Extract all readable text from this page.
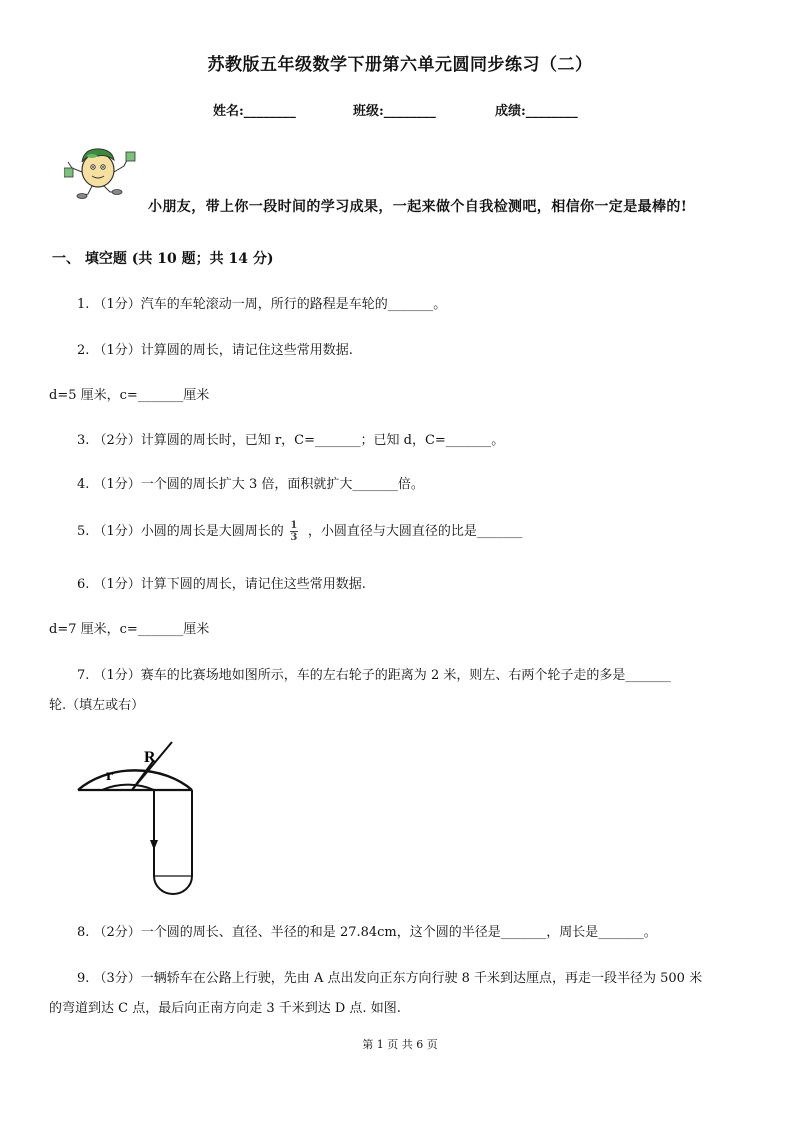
苏教版五年级数学下册第六单元圆同步练习（二）
姓名:________	班级:________	成绩:________
小朋友，带上你一段时间的学习成果，一起来做个自我检测吧，相信你一定是最棒的!
一、 填空题 (共 10 题；共 14 分)
1. （1分）汽车的车轮滚动一周，所行的路程是车轮的_______。
2. （1分）计算圆的周长，请记住这些常用数据.
d=5 厘米，c=_______厘米
3. （2分）计算圆的周长时，已知 r，C=_______；已知 d，C=_______。
4. （1分）一个圆的周长扩大 3 倍，面积就扩大_______倍。
5. （1分）小圆的周长是大圆周长的 $\frac{1}{3}$ ，小圆直径与大圆直径的比是_______
6. （1分）计算下圆的周长，请记住这些常用数据.
d=7 厘米，c=_______厘米
7. （1分）赛车的比赛场地如图所示，车的左右轮子的距离为 2 米，则左、右两个轮子走的多是_______
轮.（填左或右）
r
R
8. （2分）一个圆的周长、直径、半径的和是 27.84cm，这个圆的半径是_______，周长是_______。
9. （3分）一辆轿车在公路上行驶，先由 A 点出发向正东方向行驶 8 千米到达厘点，再走一段半径为 500 米
的弯道到达 C 点，最后向正南方向走 3 千米到达 D 点. 如图.
第 1 页 共 6 页
